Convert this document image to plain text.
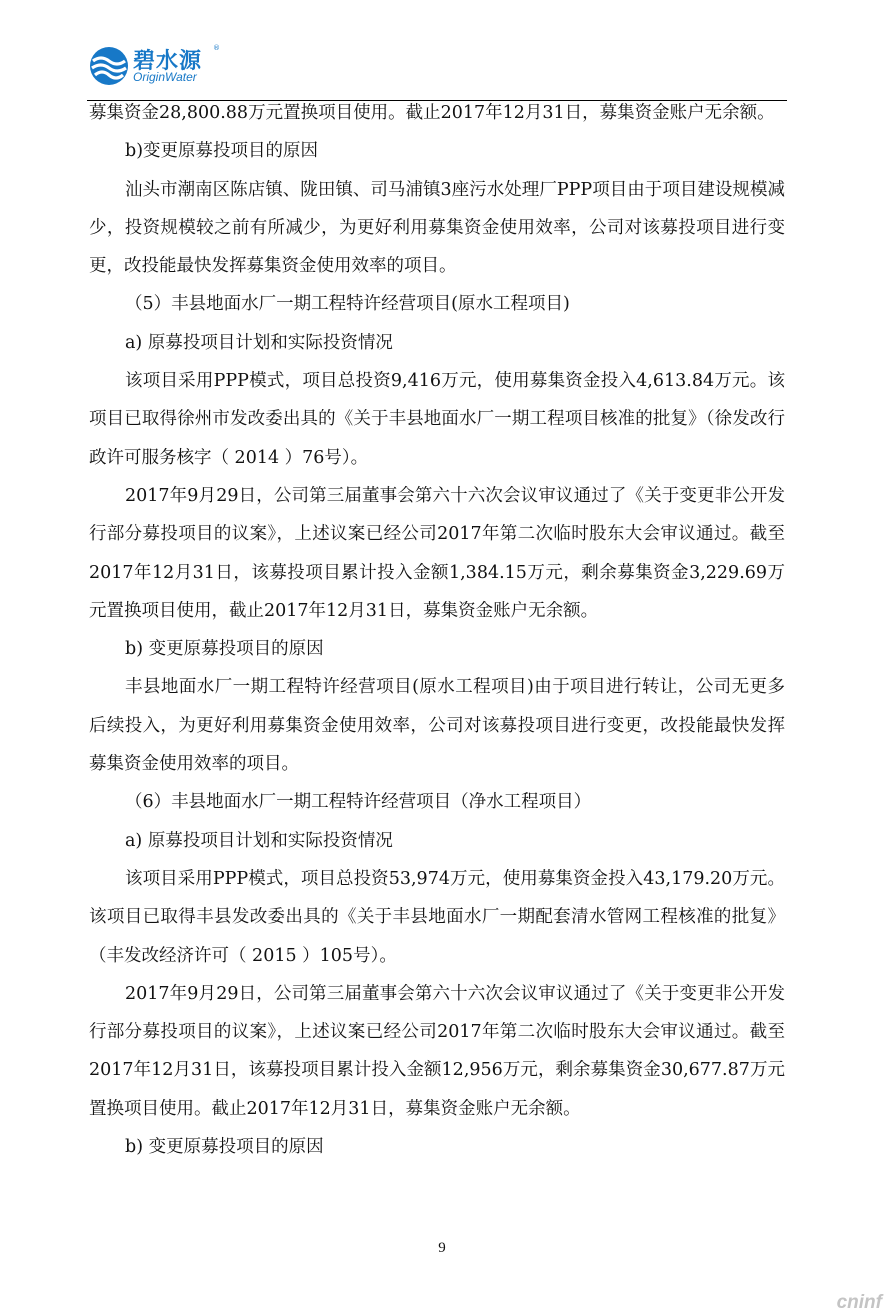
碧水源
®
OriginWater

募集资金28,800.88万元置换项目使用。截止2017年12月31日，募集资金账户无余额。

b)变更原募投项目的原因

汕头市潮南区陈店镇、陇田镇、司马浦镇3座污水处理厂PPP项目由于项目建设规模减少，投资规模较之前有所减少，为更好利用募集资金使用效率，公司对该募投项目进行变更，改投能最快发挥募集资金使用效率的项目。

（5）丰县地面水厂一期工程特许经营项目(原水工程项目)

a) 原募投项目计划和实际投资情况

该项目采用PPP模式，项目总投资9,416万元，使用募集资金投入4,613.84万元。该项目已取得徐州市发改委出具的《关于丰县地面水厂一期工程项目核准的批复》（徐发改行政许可服务核字（ 2014 ）76号）。

2017年9月29日，公司第三届董事会第六十六次会议审议通过了《关于变更非公开发行部分募投项目的议案》，上述议案已经公司2017年第二次临时股东大会审议通过。截至2017年12月31日，该募投项目累计投入金额1,384.15万元，剩余募集资金3,229.69万元置换项目使用，截止2017年12月31日，募集资金账户无余额。

b) 变更原募投项目的原因

丰县地面水厂一期工程特许经营项目(原水工程项目)由于项目进行转让，公司无更多后续投入，为更好利用募集资金使用效率，公司对该募投项目进行变更，改投能最快发挥募集资金使用效率的项目。

（6）丰县地面水厂一期工程特许经营项目（净水工程项目）

a) 原募投项目计划和实际投资情况

该项目采用PPP模式，项目总投资53,974万元，使用募集资金投入43,179.20万元。该项目已取得丰县发改委出具的《关于丰县地面水厂一期配套清水管网工程核准的批复》（丰发改经济许可（ 2015 ）105号）。

2017年9月29日，公司第三届董事会第六十六次会议审议通过了《关于变更非公开发行部分募投项目的议案》，上述议案已经公司2017年第二次临时股东大会审议通过。截至2017年12月31日，该募投项目累计投入金额12,956万元，剩余募集资金30,677.87万元置换项目使用。截止2017年12月31日，募集资金账户无余额。

b) 变更原募投项目的原因

9
cninf
